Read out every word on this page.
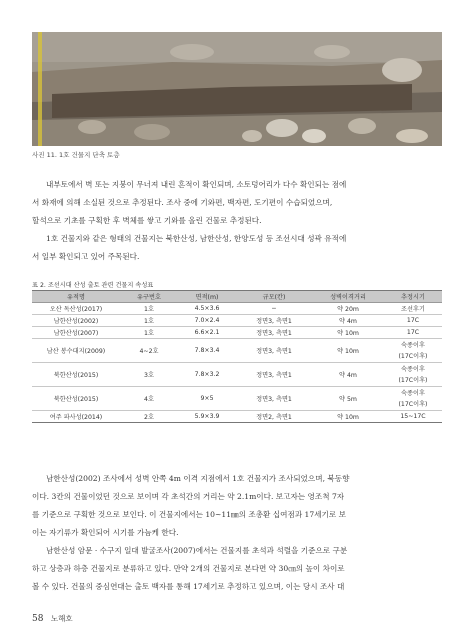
사진 11. 1호 건물지 단축 토층
내부토에서 벽 또는 지붕이 무너져 내린 흔적이 확인되며, 소토덩어리가 다수 확인되는 점에
서 화재에 의해 소실된 것으로 추정된다. 조사 중에 기와편, 백자편, 도기편이 수습되었으며,
할석으로 기초를 구획한 후 벽체를 쌓고 기와를 올린 건물로 추정된다.
1호 건물지와 같은 형태의 건물지는 북한산성, 남한산성, 한양도성 등 조선시대 성곽 유적에
서 일부 확인되고 있어 주목된다.
표 2. 조선시대 산성 출토 관련 건물지 속성표
유적명	유구번호	면적(m)	규모(칸)	성벽이격거리	추정시기
오산 독산성(2017)	1호	4.5×3.6	−	약 20m	조선후기
남한산성(2002)	1호	7.0×2.4	정면3, 측면1	약 4m	17C
남한산성(2007)	1호	6.6×2.1	정면3, 측면1	약 10m	17C
남산 봉수대지(2009)	4~2호	7.8×3.4	정면3, 측면1	약 10m	숙종이후
(17C이후)

북한산성(2015)	3호	7.8×3.2	정면3, 측면1	약 4m	숙종이후
(17C이후)

북한산성(2015)	4호	9×5	정면3, 측면1	약 5m	숙종이후
(17C이후)

여주 파사성(2014)	2호	5.9×3.9	정면2, 측면1	약 10m	15~17C
남한산성(2002) 조사에서 성벽 안쪽 4m 이격 지점에서 1호 건물지가 조사되었으며, 북동향
이다. 3칸의 건물이었던 것으로 보이며 각 초석간의 거리는 약 2.1m이다. 보고자는 영조척 7자
를 기준으로 구획한 것으로 보인다. 이 건물지에서는 10~11㎜의 조총환 십여점과 17세기로 보
이는 자기류가 확인되어 시기를 가늠케 한다.
남한산성 암문 · 수구지 일대 발굴조사(2007)에서는 건물지를 초석과 석렬을 기준으로 구분
하고 상층과 하층 건물지로 분류하고 있다. 만약 2개의 건물지로 본다면 약 30㎝의 높이 차이로
볼 수 있다. 건물의 중심연대는 출토 백자를 통해 17세기로 추정하고 있으며, 이는 당시 조사 대
58 노해호
